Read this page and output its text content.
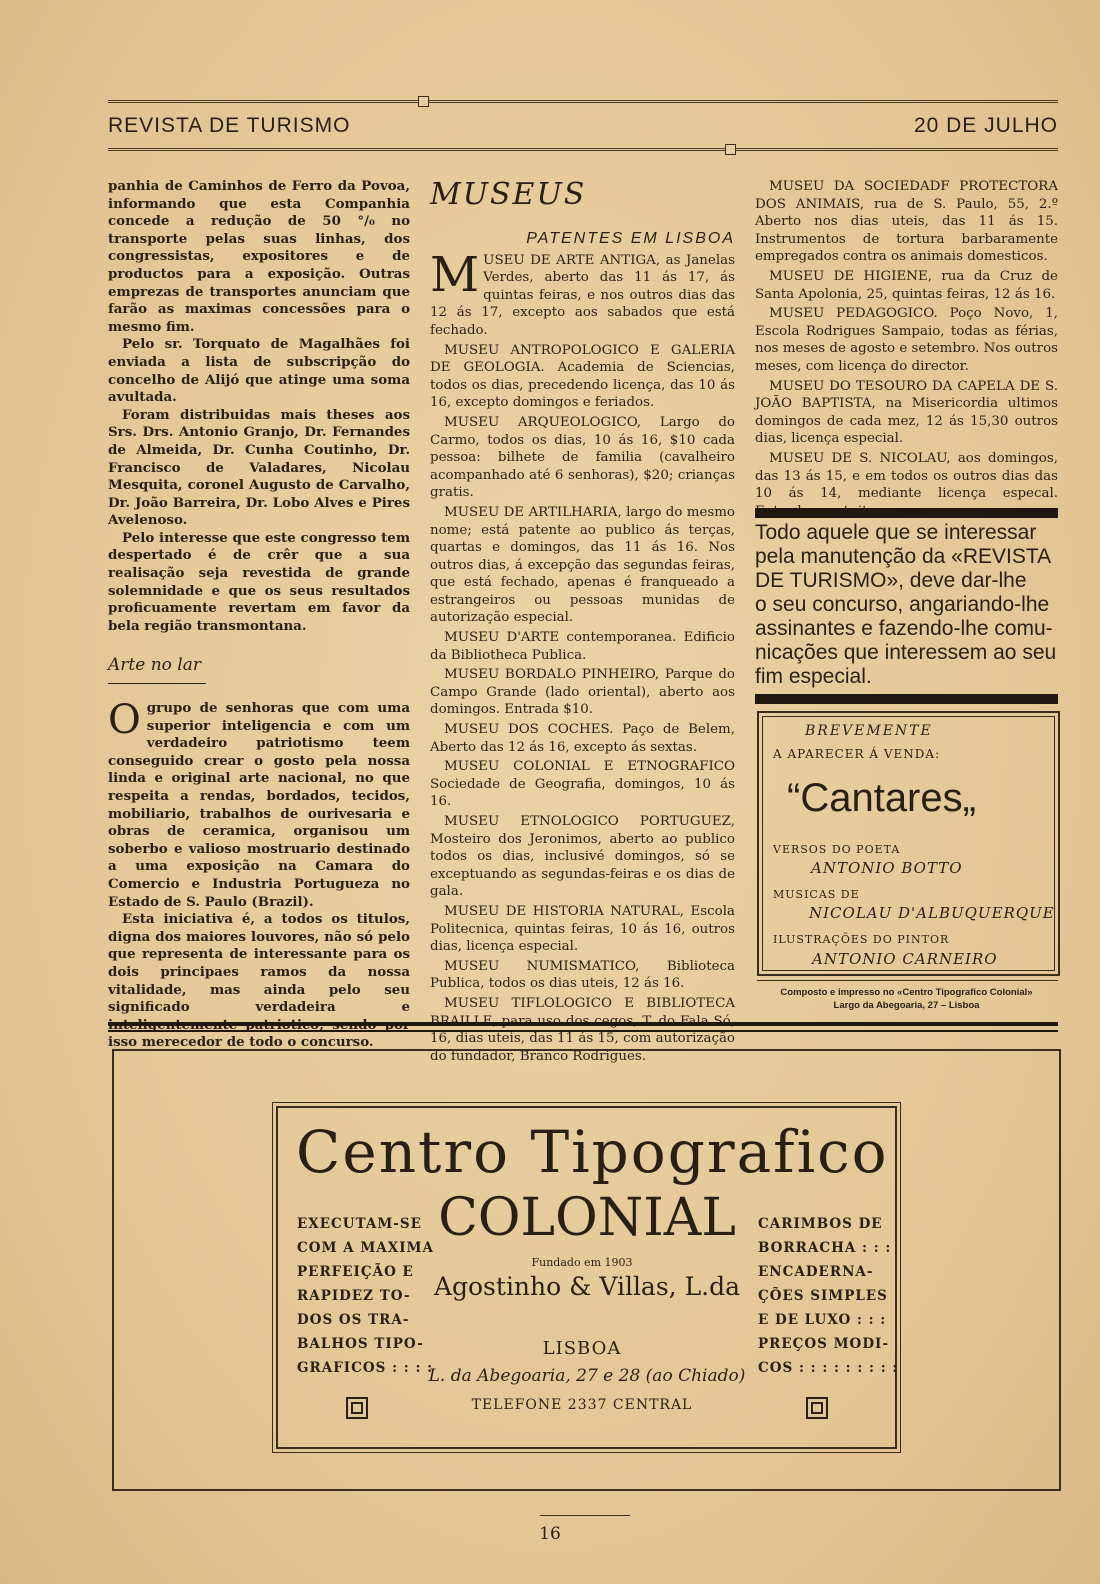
REVISTA DE TURISMO	20 DE JULHO

panhia de Caminhos de Ferro da Povoa, informando que esta Companhia concede a redução de 50 °/₀ no transporte pelas suas linhas, dos congressistas, expositores e de productos para a exposição. Outras emprezas de transportes anunciam que farão as maximas concessões para o mesmo fim.

Pelo sr. Torquato de Magalhães foi enviada a lista de subscripção do concelho de Alijó que atinge uma soma avultada.

Foram distribuidas mais theses aos Srs. Drs. Antonio Granjo, Dr. Fernandes de Almeida, Dr. Cunha Coutinho, Dr. Francisco de Valadares, Nicolau Mesquita, coronel Augusto de Carvalho, Dr. João Barreira, Dr. Lobo Alves e Pires Avelenoso.

Pelo interesse que este congresso tem despertado é de crêr que a sua realisação seja revestida de grande solemnidade e que os seus resultados proficuamente revertam em favor da bela região transmontana.

Arte no lar

Ogrupo de senhoras que com uma superior inteligencia e com um verdadeiro patriotismo teem conseguido crear o gosto pela nossa linda e original arte nacional, no que respeita a rendas, bordados, tecidos, mobiliario, trabalhos de ourivesaria e obras de ceramica, organisou um soberbo e valioso mostruario destinado a uma exposição na Camara do Comercio e Industria Portugueza no Estado de S. Paulo (Brazil).

Esta iniciativa é, a todos os titulos, digna dos maiores louvores, não só pelo que representa de interessante para os dois principaes ramos da nossa vitalidade, mas ainda pelo seu significado verdadeira e inteligentemente patriotico; sendo por isso merecedor de todo o concurso.

MUSEUS
PATENTES EM LISBOA

MUSEU DE ARTE ANTIGA, as Janelas Verdes, aberto das 11 ás 17, ás quintas feiras, e nos outros dias das 12 ás 17, excepto aos sabados que está fechado.

MUSEU ANTROPOLOGICO E GALERIA DE GEOLOGIA. Academia de Sciencias, todos os dias, precedendo licença, das 10 ás 16, excepto domingos e feriados.

MUSEU ARQUEOLOGICO, Largo do Carmo, todos os dias, 10 ás 16, $10 cada pessoa: bilhete de familia (cavalheiro acompanhado até 6 senhoras), $20; crianças gratis.

MUSEU DE ARTILHARIA, largo do mesmo nome; está patente ao publico ás terças, quartas e domingos, das 11 ás 16. Nos outros dias, á excepção das segundas feiras, que está fechado, apenas é franqueado a estrangeiros ou pessoas munidas de autorização especial.

MUSEU D'ARTE contemporanea. Edificio da Bibliotheca Publica.

MUSEU BORDALO PINHEIRO, Parque do Campo Grande (lado oriental), aberto aos domingos. Entrada $10.

MUSEU DOS COCHES. Paço de Belem, Aberto das 12 ás 16, excepto ás sextas.

MUSEU COLONIAL E ETNOGRAFICO Sociedade de Geografia, domingos, 10 ás 16.

MUSEU ETNOLOGICO PORTUGUEZ, Mosteiro dos Jeronimos, aberto ao publico todos os dias, inclusivé domingos, só se exceptuando as segundas-feiras e os dias de gala.

MUSEU DE HISTORIA NATURAL, Escola Politecnica, quintas feiras, 10 ás 16, outros dias, licença especial.

MUSEU NUMISMATICO, Biblioteca Publica, todos os dias uteis, 12 ás 16.

MUSEU TIFLOLOGICO E BIBLIOTECA BRAILLE, para uso dos cegos, T. do Fala Só, 16, dias uteis, das 11 ás 15, com autorização do fundador, Branco Rodrigues.

MUSEU DA SOCIEDADF PROTECTORA DOS ANIMAIS, rua de S. Paulo, 55, 2.º Aberto nos dias uteis, das 11 ás 15. Instrumentos de tortura barbaramente empregados contra os animais domesticos.

MUSEU DE HIGIENE, rua da Cruz de Santa Apolonia, 25, quintas feiras, 12 ás 16.

MUSEU PEDAGOGICO. Poço Novo, 1, Escola Rodrigues Sampaio, todas as férias, nos meses de agosto e setembro. Nos outros meses, com licença do director.

MUSEU DO TESOURO DA CAPELA DE S. JOÃO BAPTISTA, na Misericordia ultimos domingos de cada mez, 12 ás 15,30 outros dias, licença especial.

MUSEU DE S. NICOLAU, aos domingos, das 13 ás 15, e em todos os outros dias das 10 ás 14, mediante licença especal.

Todo aquele que se interessar
pela manutenção da «REVISTA
DE TURISMO», deve dar-lhe
o seu concurso, angariando-lhe
assinantes e fazendo-lhe comu-
nicações que interessem ao seu
fim especial.
BREVEMENTE
A APARECER Á VENDA:
“Cantares„
VERSOS DO POETA
ANTONIO BOTTO
MUSICAS DE
NICOLAU D'ALBUQUERQUE
ILUSTRAÇÕES DO PINTOR
ANTONIO CARNEIRO
Composto e impresso no «Centro Tipografico Colonial»
Largo da Abegoaria, 27 – Lisboa
Centro Tipografico
COLONIAL
Fundado em 1903
Agostinho & Villas, L.da
LISBOA
L. da Abegoaria, 27 e 28 (ao Chiado)
TELEFONE 2337 CENTRAL
EXECUTAM-SE
COM A MAXIMA
PERFEIÇÃO E
RAPIDEZ TO-
DOS OS TRA-
BALHOS TIPO-
GRAFICOS : : : :
CARIMBOS DE
BORRACHA : : :
ENCADERNA-
ÇÕES SIMPLES
E DE LUXO : : :
PREÇOS MODI-
COS : : : : : : : : :
16
